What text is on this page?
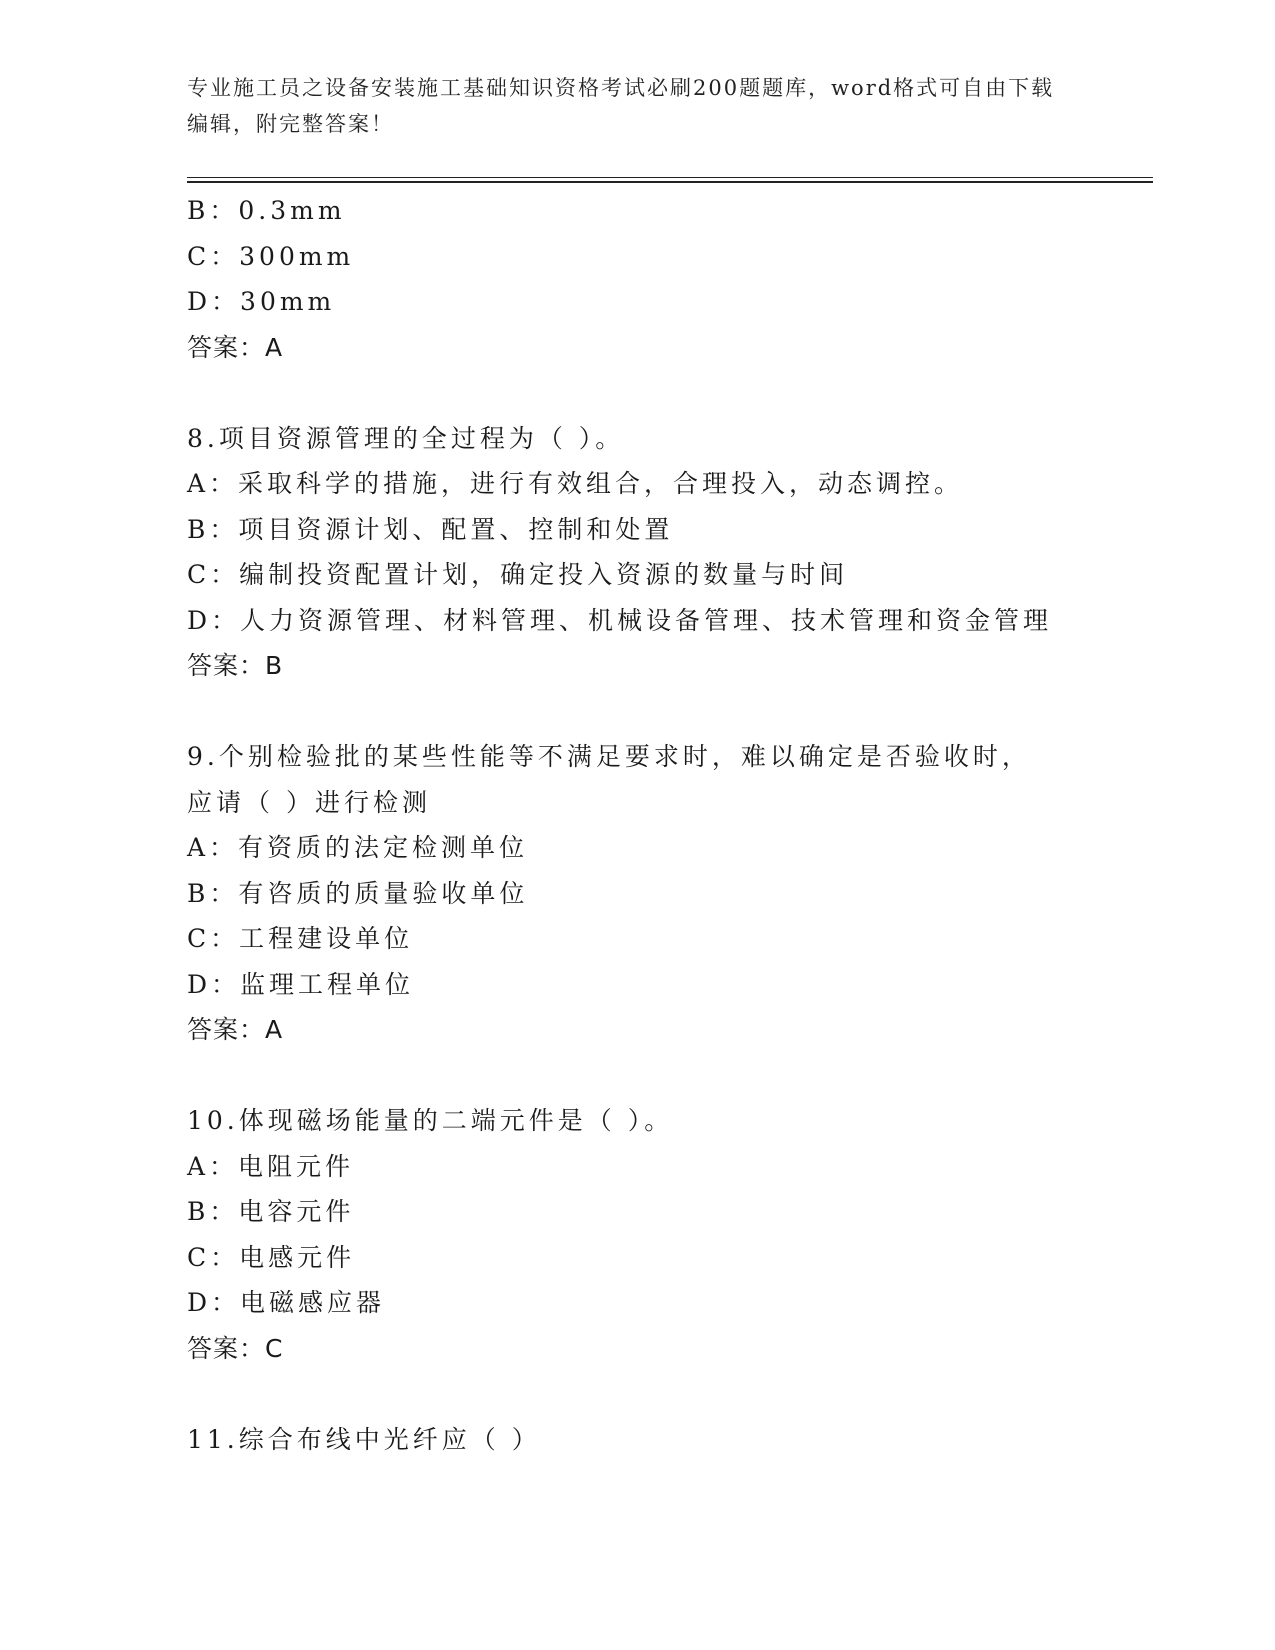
专业施工员之设备安装施工基础知识资格考试必刷200题题库，word格式可自由下载编辑，附完整答案！
B：0.3mm
C：300mm
D：30mm
答案：A
8.项目资源管理的全过程为（ ）。
A：采取科学的措施，进行有效组合，合理投入，动态调控。
B：项目资源计划、配置、控制和处置
C：编制投资配置计划，确定投入资源的数量与时间
D：人力资源管理、材料管理、机械设备管理、技术管理和资金管理
答案：B
9.个别检验批的某些性能等不满足要求时，难以确定是否验收时，应请（ ）进行检测
A：有资质的法定检测单位
B：有咨质的质量验收单位
C：工程建设单位
D：监理工程单位
答案：A
10.体现磁场能量的二端元件是（ ）。
A：电阻元件
B：电容元件
C：电感元件
D：电磁感应器
答案：C
11.综合布线中光纤应（ ）
